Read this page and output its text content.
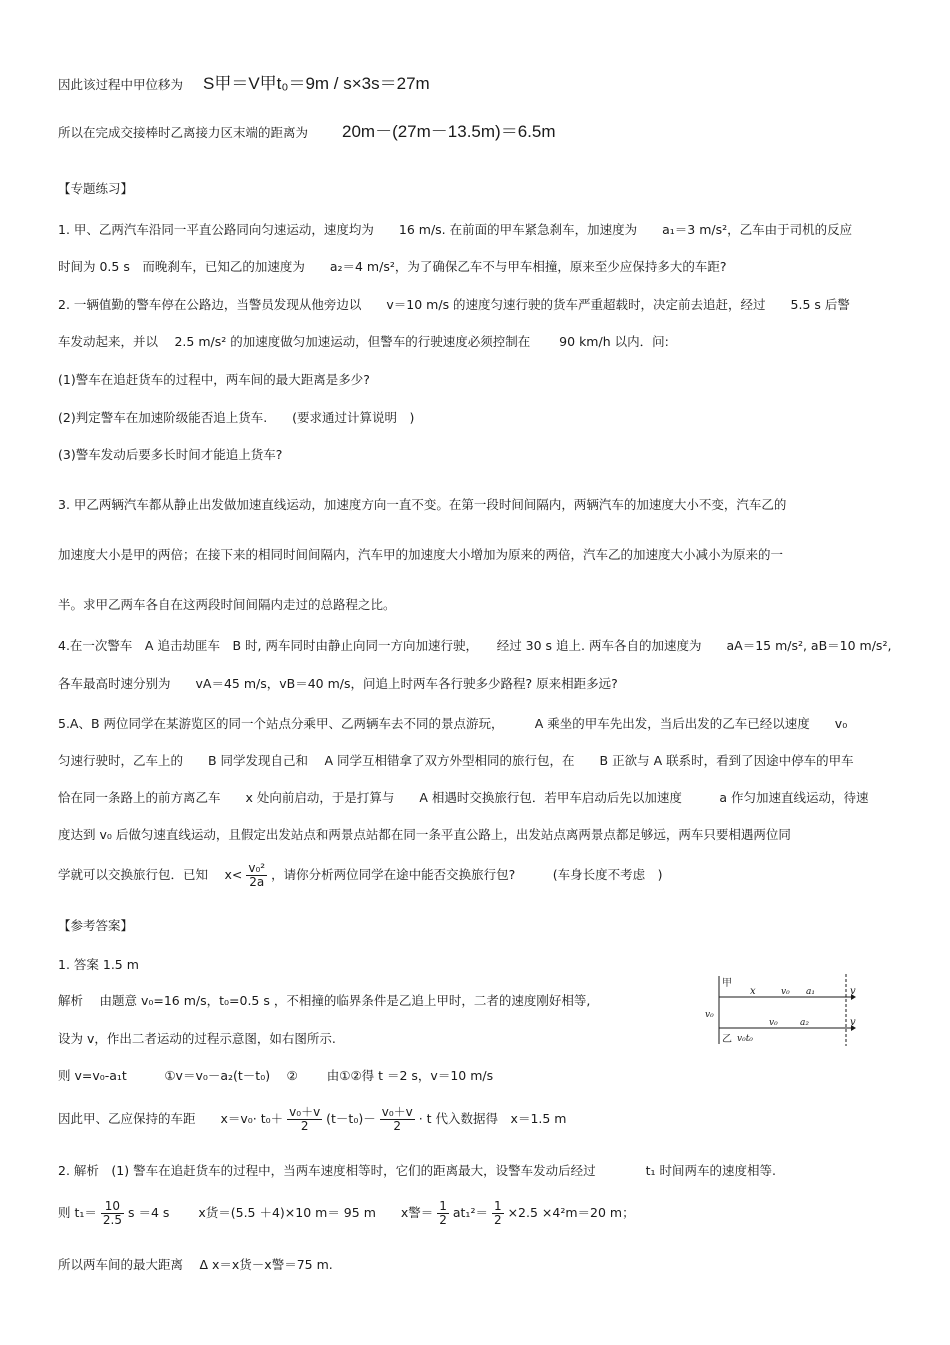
因此该过程中甲位移为 S甲＝V甲t₀＝9m / s×3s＝27m
所以在完成交接棒时乙离接力区末端的距离为 20m－(27m－13.5m)＝6.5m
【专题练习】
1. 甲、乙两汽车沿同一平直公路同向匀速运动，速度均为　　16 m/s. 在前面的甲车紧急刹车，加速度为　　a₁＝3 m/s²，乙车由于司机的反应
时间为 0.5 s　而晚刹车，已知乙的加速度为　　a₂＝4 m/s²，为了确保乙车不与甲车相撞，原来至少应保持多大的车距?
2. 一辆值勤的警车停在公路边，当警员发现从他旁边以　　v＝10 m/s 的速度匀速行驶的货车严重超载时，决定前去追赶，经过　　5.5 s 后警
车发动起来，并以　 2.5 m/s² 的加速度做匀加速运动，但警车的行驶速度必须控制在　　 90 km/h 以内．问:
(1)警车在追赶货车的过程中，两车间的最大距离是多少?
(2)判定警车在加速阶级能否追上货车.　　(要求通过计算说明　)
(3)警车发动后要多长时间才能追上货车?
3. 甲乙两辆汽车都从静止出发做加速直线运动，加速度方向一直不变。在第一段时间间隔内，两辆汽车的加速度大小不变，汽车乙的
加速度大小是甲的两倍；在接下来的相同时间间隔内，汽车甲的加速度大小增加为原来的两倍，汽车乙的加速度大小减小为原来的一
半。求甲乙两车各自在这两段时间间隔内走过的总路程之比。
4.在一次警车　A 追击劫匪车　B 时, 两车同时由静止向同一方向加速行驶，　　经过 30 s 追上. 两车各自的加速度为　　aA＝15 m/s², aB＝10 m/s²,
各车最高时速分别为　　vA＝45 m/s，vB＝40 m/s，问追上时两车各行驶多少路程? 原来相距多远?
5.A、B 两位同学在某游览区的同一个站点分乘甲、乙两辆车去不同的景点游玩，　　　A 乘坐的甲车先出发，当后出发的乙车已经以速度　　v₀
匀速行驶时，乙车上的　　B 同学发现自己和　 A 同学互相错拿了双方外型相同的旅行包，在　　B 正欲与 A 联系时，看到了因途中停车的甲车
恰在同一条路上的前方离乙车　　x 处向前启动，于是打算与　　A 相遇时交换旅行包．若甲车启动后先以加速度　　　a 作匀加速直线运动，待速
度达到 v₀ 后做匀速直线运动，且假定出发站点和两景点站都在同一条平直公路上，出发站点离两景点都足够远，两车只要相遇两位同
学就可以交换旅行包．已知　 $x< \frac{\text{v₀²}}{2a}$ ，请你分析两位同学在途中能否交换旅行包?　　　(车身长度不考虑　)
【参考答案】
1. 答案 1.5 m
解析　 由题意 v₀=16 m/s，t₀=0.5 s ，不相撞的临界条件是乙追上甲时，二者的速度刚好相等,
设为 v，作出二者运动的过程示意图，如右图所示.
则 v=v₀-a₁t　　　①v＝v₀－a₂(t－t₀)　 ②　　 由①②得 t ＝2 s，v＝10 m/s
因此甲、乙应保持的车距　　$x=v_0\cdot t_0+ \frac{\text{v₀＋v}}{2} (t-t_0)- \frac{\text{v₀＋v}}{2} \cdot t$ 代入数据得　x＝1.5 m
2. 解析　(1) 警车在追赶货车的过程中，当两车速度相等时，它们的距离最大，设警车发动后经过　　　　t₁ 时间两车的速度相等.
则 $t_1= \frac{10}{2.5}$ s ＝4 s　　 x货＝(5.5 ＋4)×10 m＝ 95 m　　x警＝ $\frac{1}{2} at_1^2= \frac{1}{2} \times 2.5 \times 4^2m=20$ m；
所以两车间的最大距离　 Δ x＝x货－x警＝75 m.
甲
x	v₀ a₁	v
v₀
v₀ a₂	v
乙 v₀t₀
